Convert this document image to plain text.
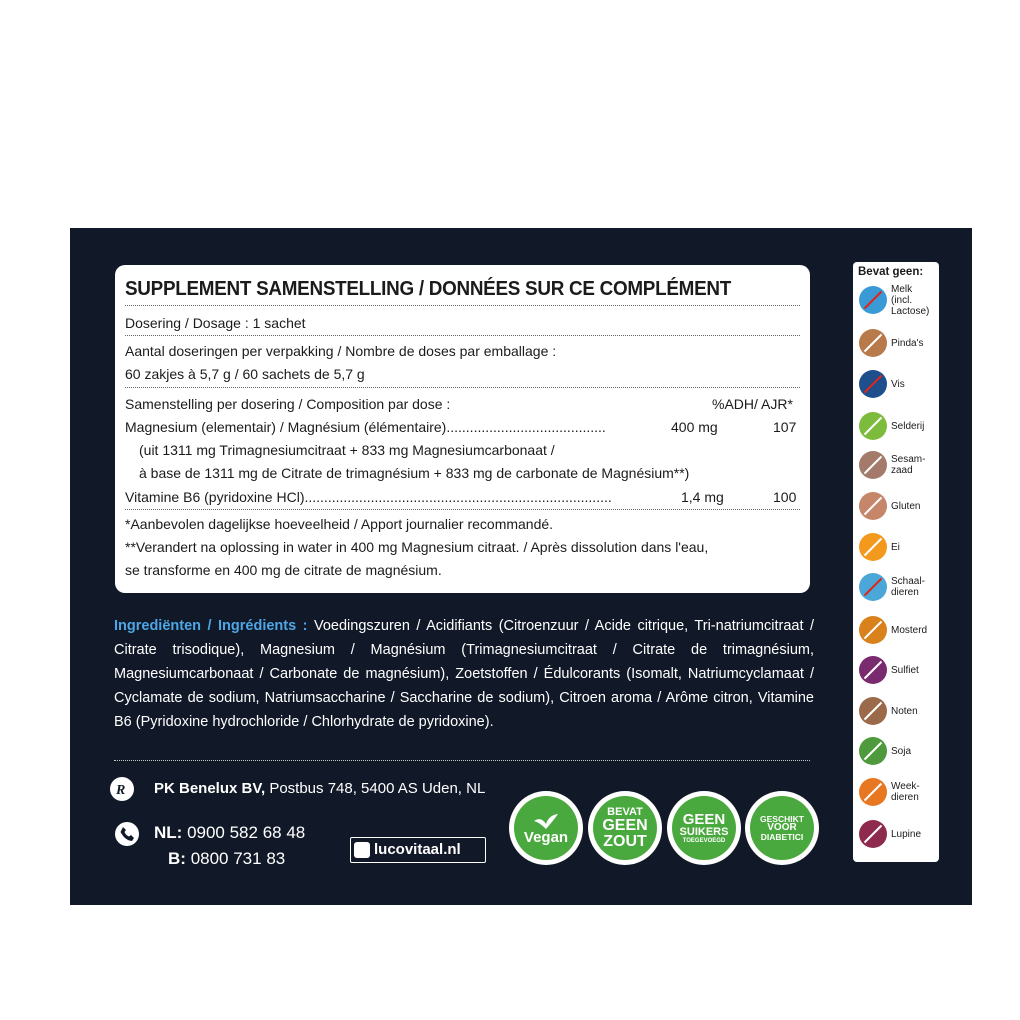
SUPPLEMENT SAMENSTELLING / DONNÉES SUR CE COMPLÉMENT
Dosering / Dosage : 1 sachet
Aantal doseringen per verpakking / Nombre de doses par emballage :
60 zakjes à 5,7 g / 60 sachets de 5,7 g
Samenstelling per dosering / Composition par dose :	%ADH/ AJR*
Magnesium (elementair) / Magnésium (élémentaire).........................................	400 mg	107
(uit 1311 mg Trimagnesiumcitraat + 833 mg Magnesiumcarbonaat /
à base de 1311 mg de Citrate de trimagnésium + 833 mg de carbonate de Magnésium**)
Vitamine B6 (pyridoxine HCl)...............................................................................	1,4 mg	100
*Aanbevolen dagelijkse hoeveelheid / Apport journalier recommandé.
**Verandert na oplossing in water in 400 mg Magnesium citraat. / Après dissolution dans l'eau,
se transforme en 400 mg de citrate de magnésium.
Ingrediënten / Ingrédients : Voedingszuren / Acidifiants (Citroenzuur / Acide citrique, Tri-natriumcitraat / Citrate trisodique), Magnesium / Magnésium (Trimagnesiumcitraat / Citrate de trimagnésium, Magnesiumcarbonaat / Carbonate de magnésium), Zoetstoffen / Édulcorants (Isomalt, Natriumcyclamaat / Cyclamate de sodium, Natriumsaccharine / Saccharine de sodium), Citroen aroma / Arôme citron, Vitamine B6 (Pyridoxine hydrochloride / Chlorhydrate de pyridoxine).
R PK Benelux BV, Postbus 748, 5400 AS Uden, NL
NL: 0900 582 68 48
B: 0800 731 83	lucovitaal.nl
Vegan
BEVAT
GEEN
ZOUT
GEEN
SUIKERS
TOEGEVOEGD
GESCHIKT
VOOR
DIABETICI
Bevat geen:
Melk
(incl.
Lactose)
Pinda's
Vis
Selderij
Sesam-
zaad
Gluten
Ei
Schaal-
dieren
Mosterd
Sulfiet
Noten
Soja
Week-
dieren
Lupine
